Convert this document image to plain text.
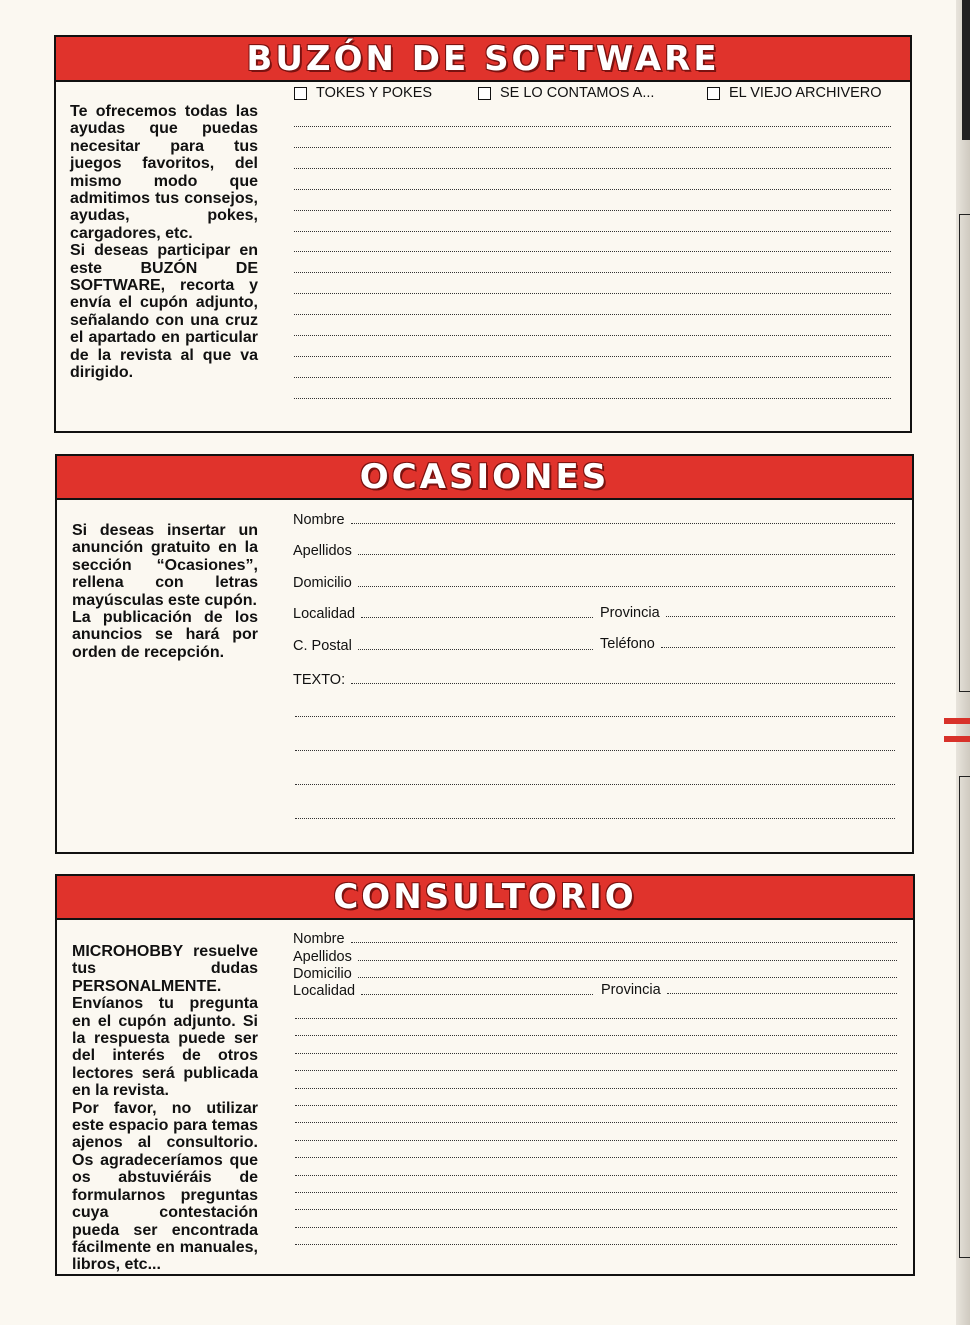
BUZÓN DE SOFTWARE
TOKES Y POKES	SE LO CONTAMOS A...	EL VIEJO ARCHIVERO
Te ofrecemos todas las ayudas que puedas necesitar para tus juegos favoritos, del mismo modo que admitimos tus consejos, ayudas, pokes, cargadores, etc.
Si deseas participar en este BUZÓN DE SOFTWARE, recorta y envía el cupón adjunto, señalando con una cruz el apartado en particular de la revista al que va dirigido.
OCASIONES
Si deseas insertar un anunción gratuito en la sección “Ocasiones”, rellena con letras mayúsculas este cupón.
La publicación de los anuncios se hará por orden de recepción.
Nombre
Apellidos
Domicilio
Localidad	Provincia
C. Postal	Teléfono
TEXTO:
CONSULTORIO
MICROHOBBY resuelve tus dudas PERSONALMENTE. Envíanos tu pregunta en el cupón adjunto. Si la respuesta puede ser del interés de otros lectores será publicada en la revista.
Por favor, no utilizar este espacio para temas ajenos al consultorio. Os agradeceríamos que os abstuviéráis de formularnos preguntas cuya contestación pueda ser encontrada fácilmente en manuales, libros, etc...
Nombre
Apellidos
Domicilio
Localidad	Provincia
